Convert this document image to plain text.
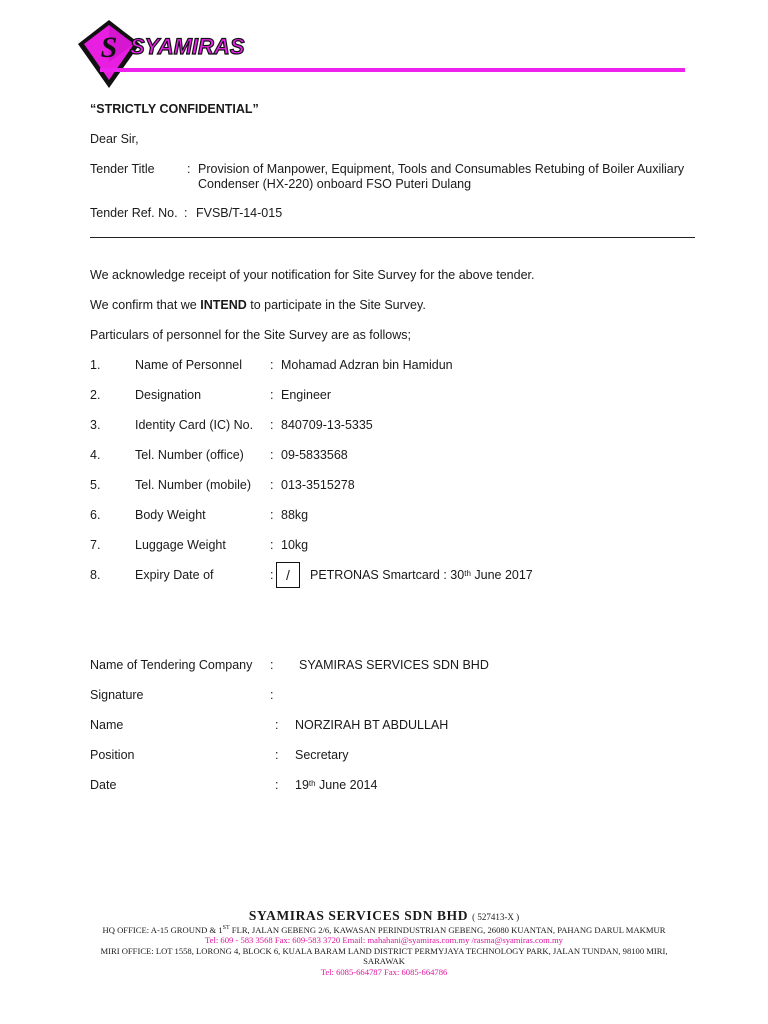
S SYAMIRAS
“STRICTLY CONFIDENTIAL”
Dear Sir,
Tender Title	: Provision of Manpower, Equipment, Tools and Consumables Retubing of Boiler Auxiliary
Condenser (HX-220) onboard FSO Puteri Dulang
Tender Ref. No. : FVSB/T-14-015
We acknowledge receipt of your notification for Site Survey for the above tender.
We confirm that we INTEND to participate in the Site Survey.
Particulars of personnel for the Site Survey are as follows;
1.	Name of Personnel : Mohamad Adzran bin Hamidun
2.	Designation	: Engineer
3.	Identity Card (IC) No. : 840709-13-5335
4.	Tel. Number (office) : 09-5833568
5.	Tel. Number (mobile) : 013-3515278
6.	Body Weight	: 88kg
7.	Luggage Weight	: 10kg
8.	Expiry Date of	: /	PETRONAS Smartcard : 30th June 2017
Name of Tendering Company : SYAMIRAS SERVICES SDN BHD
Signature	:
Name	: NORZIRAH BT ABDULLAH
Position	: Secretary
Date	: 19th June 2014
SYAMIRAS SERVICES SDN BHD ( 527413-X )
HQ OFFICE: A-15 GROUND & 1ST FLR, JALAN GEBENG 2/6, KAWASAN PERINDUSTRIAN GEBENG, 26080 KUANTAN, PAHANG DARUL MAKMUR
Tel: 609 - 583 3568 Fax: 609-583 3720 Email: mahahani@syamiras.com.my /rasma@syamiras.com.my
MIRI OFFICE: LOT 1558, LORONG 4, BLOCK 6, KUALA BARAM LAND DISTRICT PERMYJAYA TECHNOLOGY PARK, JALAN TUNDAN, 98100 MIRI,
SARAWAK
Tel: 6085-664787 Fax: 6085-664786
